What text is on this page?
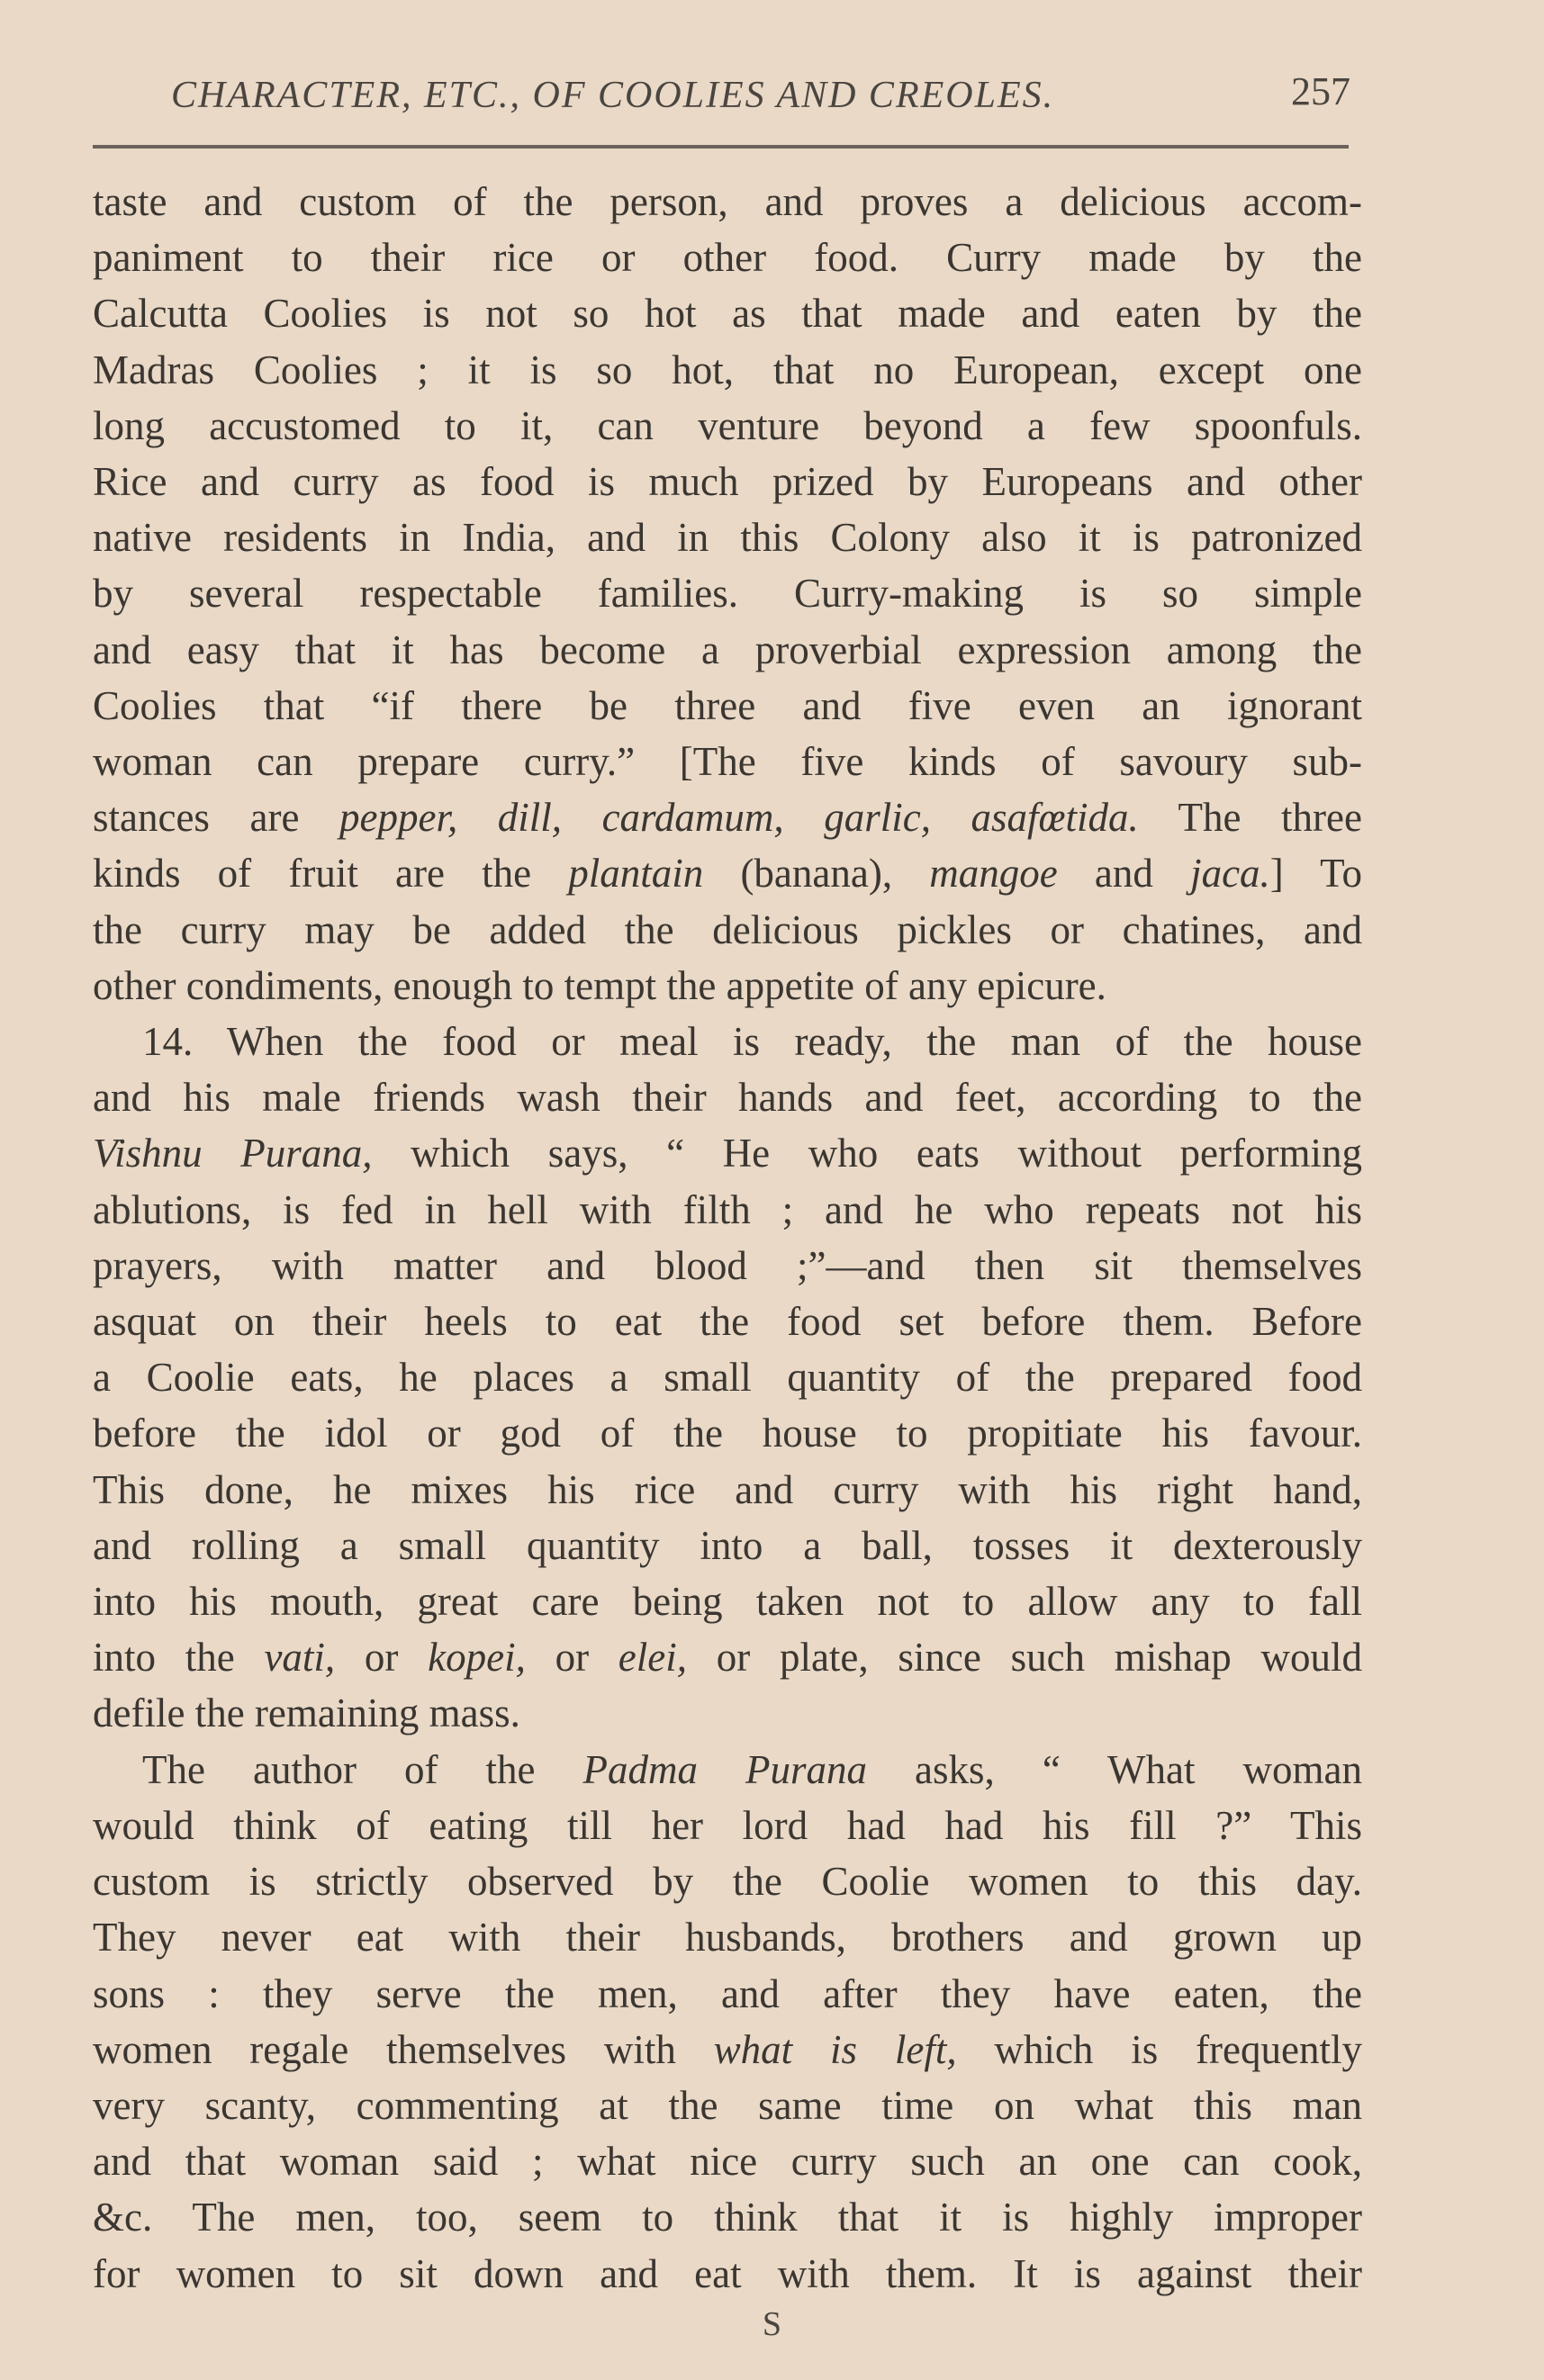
CHARACTER, ETC., OF COOLIES AND CREOLES.	257
taste and custom of the person, and proves a delicious accom-
paniment to their rice or other food. Curry made by the
Calcutta Coolies is not so hot as that made and eaten by the
Madras Coolies ; it is so hot, that no European, except one
long accustomed to it, can venture beyond a few spoonfuls.
Rice and curry as food is much prized by Europeans and other
native residents in India, and in this Colony also it is patronized
by several respectable families. Curry-making is so simple
and easy that it has become a proverbial expression among the
Coolies that “if there be three and five even an ignorant
woman can prepare curry.” [The five kinds of savoury sub-
stances are pepper, dill, cardamum, garlic, asafœtida. The three
kinds of fruit are the plantain (banana), mangoe and jaca.] To
the curry may be added the delicious pickles or chatines, and
other condiments, enough to tempt the appetite of any epicure.
14. When the food or meal is ready, the man of the house
and his male friends wash their hands and feet, according to the
Vishnu Purana, which says, “ He who eats without performing
ablutions, is fed in hell with filth ; and he who repeats not his
prayers, with matter and blood ;”—and then sit themselves
asquat on their heels to eat the food set before them. Before
a Coolie eats, he places a small quantity of the prepared food
before the idol or god of the house to propitiate his favour.
This done, he mixes his rice and curry with his right hand,
and rolling a small quantity into a ball, tosses it dexterously
into his mouth, great care being taken not to allow any to fall
into the vati, or kopei, or elei, or plate, since such mishap would
defile the remaining mass.
The author of the Padma Purana asks, “ What woman
would think of eating till her lord had had his fill ?” This
custom is strictly observed by the Coolie women to this day.
They never eat with their husbands, brothers and grown up
sons : they serve the men, and after they have eaten, the
women regale themselves with what is left, which is frequently
very scanty, commenting at the same time on what this man
and that woman said ; what nice curry such an one can cook,
&c. The men, too, seem to think that it is highly improper
for women to sit down and eat with them. It is against their
S
